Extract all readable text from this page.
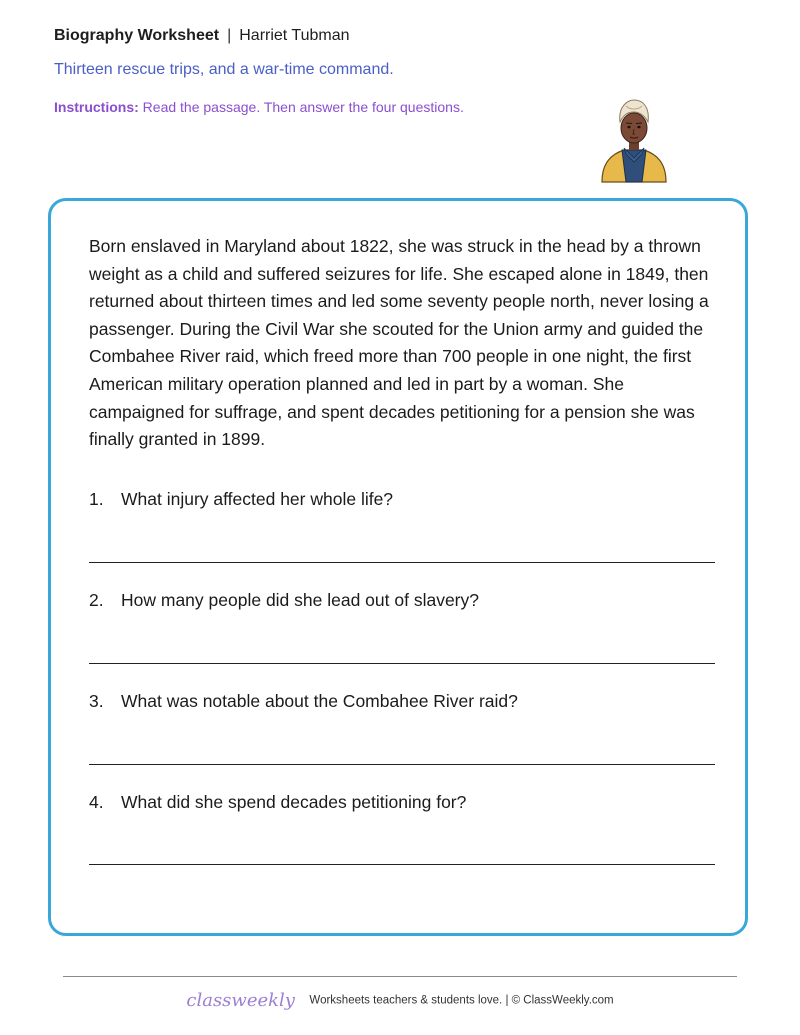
Biography Worksheet | Harriet Tubman
Thirteen rescue trips, and a war-time command.
Instructions: Read the passage. Then answer the four questions.

Born enslaved in Maryland about 1822, she was struck in the head by a thrown weight as a child and suffered seizures for life. She escaped alone in 1849, then returned about thirteen times and led some seventy people north, never losing a passenger. During the Civil War she scouted for the Union army and guided the Combahee River raid, which freed more than 700 people in one night, the first American military operation planned and led in part by a woman. She campaigned for suffrage, and spent decades petitioning for a pension she was finally granted in 1899.

1. What injury affected her whole life?
2. How many people did she lead out of slavery?
3. What was notable about the Combahee River raid?
4. What did she spend decades petitioning for?
classweekly Worksheets teachers & students love. | © ClassWeekly.com
